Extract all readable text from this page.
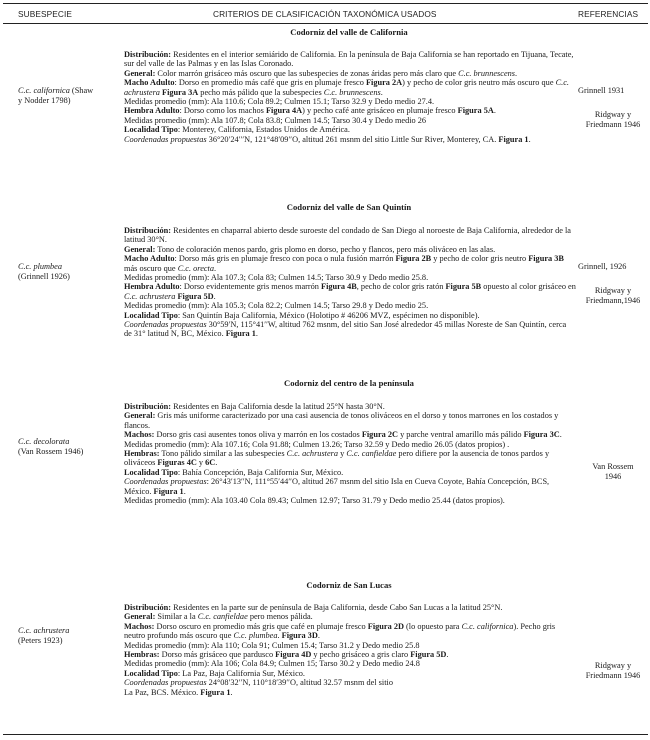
SUBESPECIE	CRITERIOS DE CLASIFICACIÓN TAXONÓMICA USADOS	REFERENCIAS
Codorniz del valle de California

Distribución: Residentes en el interior semiárido de California. En la península de Baja California se han reportado en Tijuana, Tecate, sur del valle de las Palmas y en las Islas Coronado.

General: Color marrón grisáceo más oscuro que las subespecies de zonas áridas pero más claro que C.c. brunnescens.

Macho Adulto: Dorso en promedio más café que gris en plumaje fresco Figura 2A) y pecho de color gris neutro más oscuro que C.c. achrustera Figura 3A pecho más pálido que la subespecies C.c. brunnescens.

Medidas promedio (mm): Ala 110.6; Cola 89.2; Culmen 15.1; Tarso 32.9 y Dedo medio 27.4.

Hembra Adulto: Dorso como los machos Figura 4A) y pecho café ante grisáceo en plumaje fresco Figura 5A.

Medidas promedio (mm): Ala 107.8; Cola 83.8; Culmen 14.5; Tarso 30.4 y Dedo medio 26

Localidad Tipo: Monterey, California, Estados Unidos de América.

Coordenadas propuestas 36°20′24′′′N, 121°48′09′′O, altitud 261 msnm del sitio Little Sur River, Monterey, CA. Figura 1.

C.c. californica (Shaw
y Nodder 1798)
Grinnell 1931
Ridgway y
Friedmann 1946
Codorniz del valle de San Quintín

Distribución: Residentes en chaparral abierto desde suroeste del condado de San Diego al noroeste de Baja California, alrededor de la latitud 30°N.

General: Tono de coloración menos pardo, gris plomo en dorso, pecho y flancos, pero más oliváceo en las alas.

Macho Adulto: Dorso más gris en plumaje fresco con poca o nula fusión marrón Figura 2B y pecho de color gris neutro Figura 3B más oscuro que C.c. orecta.

Medidas promedio (mm): Ala 107.3; Cola 83; Culmen 14.5; Tarso 30.9 y Dedo medio 25.8.

Hembra Adulto: Dorso evidentemente gris menos marrón Figura 4B, pecho de color gris ratón Figura 5B opuesto al color grisáceo en C.c. achrustera Figura 5D.

Medidas promedio (mm): Ala 105.3; Cola 82.2; Culmen 14.5; Tarso 29.8 y Dedo medio 25.

Localidad Tipo: San Quintín Baja California, México (Holotipo # 46206 MVZ, espécimen no disponible).

Coordenadas propuestas 30°59′N, 115°41′′W, altitud 762 msnm, del sitio San José alrededor 45 millas Noreste de San Quintín, cerca de 31° latitud N, BC, México. Figura 1.

C.c. plumbea
(Grinnell 1926)
Grinnell, 1926
Ridgway y
Friedmann,1946
Codorniz del centro de la península

Distribución: Residentes en Baja California desde la latitud 25°N hasta 30°N.

General: Gris más uniforme caracterizado por una casi ausencia de tonos oliváceos en el dorso y tonos marrones en los costados y flancos.

Machos: Dorso gris casi ausentes tonos oliva y marrón en los costados Figura 2C y parche ventral amarillo más pálido Figura 3C.

Medidas promedio (mm): Ala 107.16; Cola 91.88; Culmen 13.26; Tarso 32.59 y Dedo medio 26.05 (datos propios) .

Hembras: Tono pálido similar a las subespecies C.c. achrustera y C.c. canfieldae pero difiere por la ausencia de tonos pardos y oliváceos Figuras 4C y 6C.

Localidad Tipo: Bahía Concepción, Baja California Sur, México.

Coordenadas propuestas: 26°43′13′′N, 111°55′44′′O, altitud 267 msnm del sitio Isla en Cueva Coyote, Bahía Concepción, BCS, México. Figura 1.

Medidas promedio (mm): Ala 103.40 Cola 89.43; Culmen 12.97; Tarso 31.79 y Dedo medio 25.44 (datos propios).

C.c. decolorata
(Van Rossem 1946)
Van Rossem
1946
Codorniz de San Lucas

Distribución: Residentes en la parte sur de península de Baja California, desde Cabo San Lucas a la latitud 25°N.

General: Similar a la C.c. canfieldae pero menos pálida.

Machos: Dorso oscuro en promedio más gris que café en plumaje fresco Figura 2D (lo opuesto para C.c. californica). Pecho gris neutro profundo más oscuro que C.c. plumbea. Figura 3D.

Medidas promedio (mm): Ala 110; Cola 91; Culmen 15.4; Tarso 31.2 y Dedo medio 25.8

Hembras: Dorso más grisáceo que pardusco Figura 4D y pecho grisáceo a gris claro Figura 5D.

Medidas promedio (mm): Ala 106; Cola 84.9; Culmen 15; Tarso 30.2 y Dedo medio 24.8

Localidad Tipo: La Paz, Baja California Sur, México.

Coordenadas propuestas 24°08′32′′N, 110°18′39′′O, altitud 32.57 msnm del sitio

La Paz, BCS. México. Figura 1.

C.c. achrustera
(Peters 1923)
Ridgway y
Friedmann 1946
